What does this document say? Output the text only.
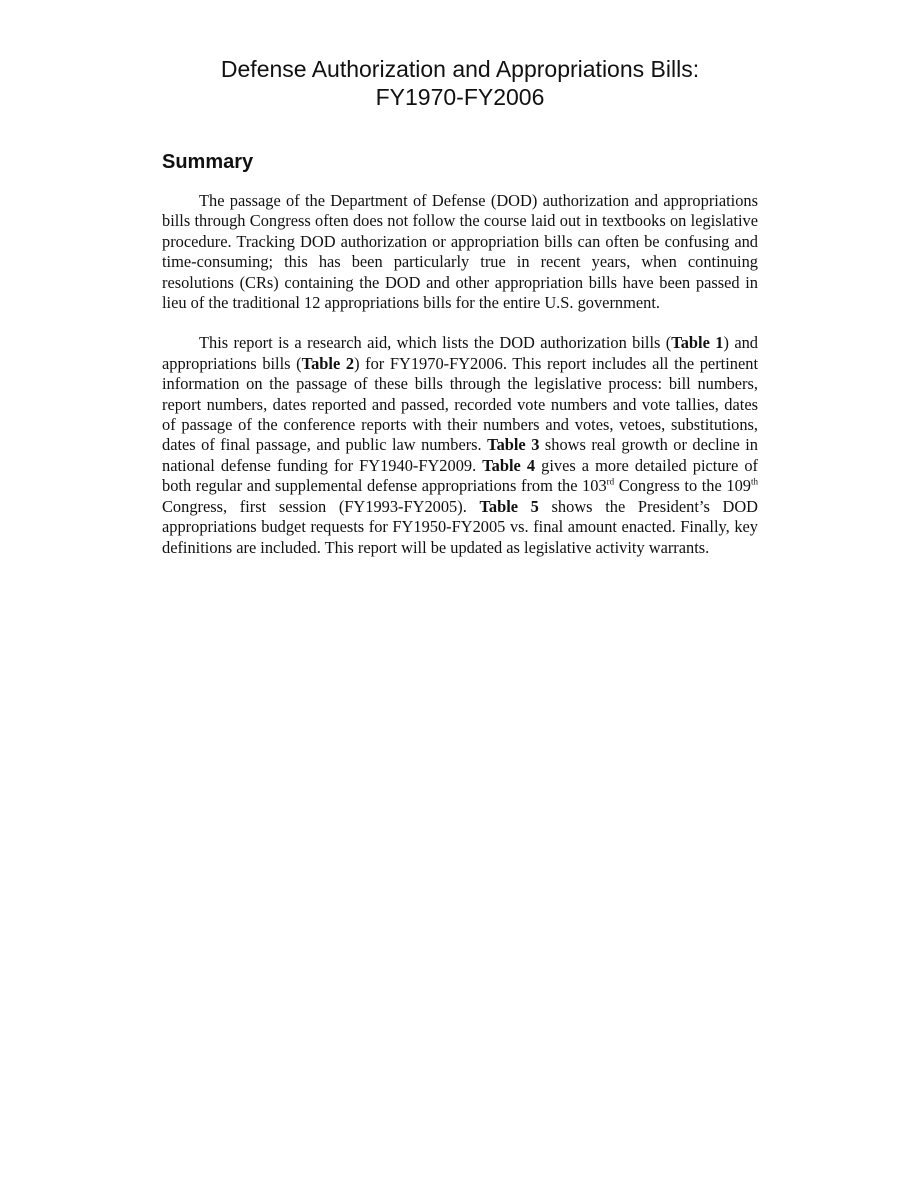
Defense Authorization and Appropriations Bills:
FY1970-FY2006
Summary

The passage of the Department of Defense (DOD) authorization and appropriations bills through Congress often does not follow the course laid out in textbooks on legislative procedure. Tracking DOD authorization or appropriation bills can often be confusing and time-consuming; this has been particularly true in recent years, when continuing resolutions (CRs) containing the DOD and other appropriation bills have been passed in lieu of the traditional 12 appropriations bills for the entire U.S. government.

This report is a research aid, which lists the DOD authorization bills (Table 1) and appropriations bills (Table 2) for FY1970-FY2006. This report includes all the pertinent information on the passage of these bills through the legislative process: bill numbers, report numbers, dates reported and passed, recorded vote numbers and vote tallies, dates of passage of the conference reports with their numbers and votes, vetoes, substitutions, dates of final passage, and public law numbers. Table 3 shows real growth or decline in national defense funding for FY1940-FY2009. Table 4 gives a more detailed picture of both regular and supplemental defense appropriations from the 103rd Congress to the 109th Congress, first session (FY1993-FY2005). Table 5 shows the President’s DOD appropriations budget requests for FY1950-FY2005 vs. final amount enacted. Finally, key definitions are included. This report will be updated as legislative activity warrants.
